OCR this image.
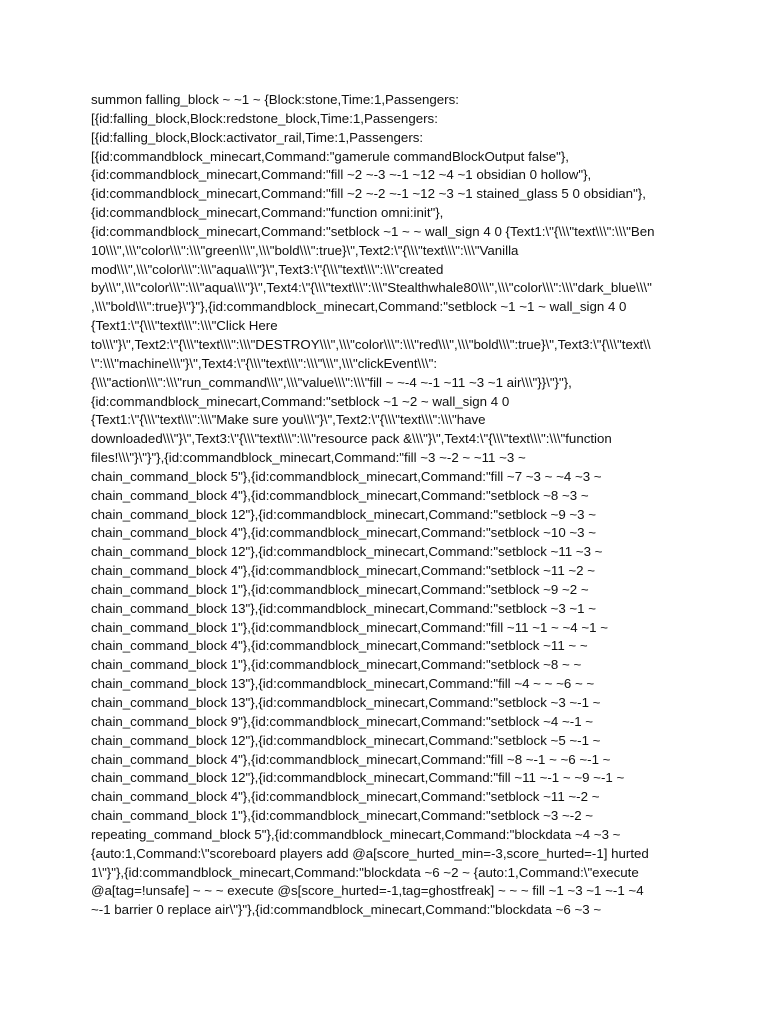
summon falling_block ~ ~1 ~ {Block:stone,Time:1,Passengers:
[{id:falling_block,Block:redstone_block,Time:1,Passengers:
[{id:falling_block,Block:activator_rail,Time:1,Passengers:
[{id:commandblock_minecart,Command:"gamerule commandBlockOutput false"},
{id:commandblock_minecart,Command:"fill ~2 ~-3 ~-1 ~12 ~4 ~1 obsidian 0 hollow"},
{id:commandblock_minecart,Command:"fill ~2 ~-2 ~-1 ~12 ~3 ~1 stained_glass 5 0 obsidian"},
{id:commandblock_minecart,Command:"function omni:init"},
{id:commandblock_minecart,Command:"setblock ~1 ~ ~ wall_sign 4 0 {Text1:\"{\\\"text\\\":\\\"Ben
10\\\",\\\"color\\\":\\\"green\\\",\\\"bold\\\":true}\",Text2:\"{\\\"text\\\":\\\"Vanilla
mod\\\",\\\"color\\\":\\\"aqua\\\"}\",Text3:\"{\\\"text\\\":\\\"created
by\\\",\\\"color\\\":\\\"aqua\\\"}\",Text4:\"{\\\"text\\\":\\\"Stealthwhale80\\\",\\\"color\\\":\\\"dark_blue\\\"
,\\\"bold\\\":true}\"}"},{id:commandblock_minecart,Command:"setblock ~1 ~1 ~ wall_sign 4 0
{Text1:\"{\\\"text\\\":\\\"Click Here
to\\\"}\",Text2:\"{\\\"text\\\":\\\"DESTROY\\\",\\\"color\\\":\\\"red\\\",\\\"bold\\\":true}\",Text3:\"{\\\"text\\
\":\\\"machine\\\"}\",Text4:\"{\\\"text\\\":\\\"\\\",\\\"clickEvent\\\":
{\\\"action\\\":\\\"run_command\\\",\\\"value\\\":\\\"fill ~ ~-4 ~-1 ~11 ~3 ~1 air\\\"}}\"}"},
{id:commandblock_minecart,Command:"setblock ~1 ~2 ~ wall_sign 4 0
{Text1:\"{\\\"text\\\":\\\"Make sure you\\\"}\",Text2:\"{\\\"text\\\":\\\"have
downloaded\\\"}\",Text3:\"{\\\"text\\\":\\\"resource pack &\\\"}\",Text4:\"{\\\"text\\\":\\\"function
files!\\\"}\"}"},{id:commandblock_minecart,Command:"fill ~3 ~-2 ~ ~11 ~3 ~
chain_command_block 5"},{id:commandblock_minecart,Command:"fill ~7 ~3 ~ ~4 ~3 ~
chain_command_block 4"},{id:commandblock_minecart,Command:"setblock ~8 ~3 ~
chain_command_block 12"},{id:commandblock_minecart,Command:"setblock ~9 ~3 ~
chain_command_block 4"},{id:commandblock_minecart,Command:"setblock ~10 ~3 ~
chain_command_block 12"},{id:commandblock_minecart,Command:"setblock ~11 ~3 ~
chain_command_block 4"},{id:commandblock_minecart,Command:"setblock ~11 ~2 ~
chain_command_block 1"},{id:commandblock_minecart,Command:"setblock ~9 ~2 ~
chain_command_block 13"},{id:commandblock_minecart,Command:"setblock ~3 ~1 ~
chain_command_block 1"},{id:commandblock_minecart,Command:"fill ~11 ~1 ~ ~4 ~1 ~
chain_command_block 4"},{id:commandblock_minecart,Command:"setblock ~11 ~ ~
chain_command_block 1"},{id:commandblock_minecart,Command:"setblock ~8 ~ ~
chain_command_block 13"},{id:commandblock_minecart,Command:"fill ~4 ~ ~ ~6 ~ ~
chain_command_block 13"},{id:commandblock_minecart,Command:"setblock ~3 ~-1 ~
chain_command_block 9"},{id:commandblock_minecart,Command:"setblock ~4 ~-1 ~
chain_command_block 12"},{id:commandblock_minecart,Command:"setblock ~5 ~-1 ~
chain_command_block 4"},{id:commandblock_minecart,Command:"fill ~8 ~-1 ~ ~6 ~-1 ~
chain_command_block 12"},{id:commandblock_minecart,Command:"fill ~11 ~-1 ~ ~9 ~-1 ~
chain_command_block 4"},{id:commandblock_minecart,Command:"setblock ~11 ~-2 ~
chain_command_block 1"},{id:commandblock_minecart,Command:"setblock ~3 ~-2 ~
repeating_command_block 5"},{id:commandblock_minecart,Command:"blockdata ~4 ~3 ~
{auto:1,Command:\"scoreboard players add @a[score_hurted_min=-3,score_hurted=-1] hurted
1\"}"},{id:commandblock_minecart,Command:"blockdata ~6 ~2 ~ {auto:1,Command:\"execute
@a[tag=!unsafe] ~ ~ ~ execute @s[score_hurted=-1,tag=ghostfreak] ~ ~ ~ fill ~1 ~3 ~1 ~-1 ~4
~-1 barrier 0 replace air\"}"},{id:commandblock_minecart,Command:"blockdata ~6 ~3 ~
